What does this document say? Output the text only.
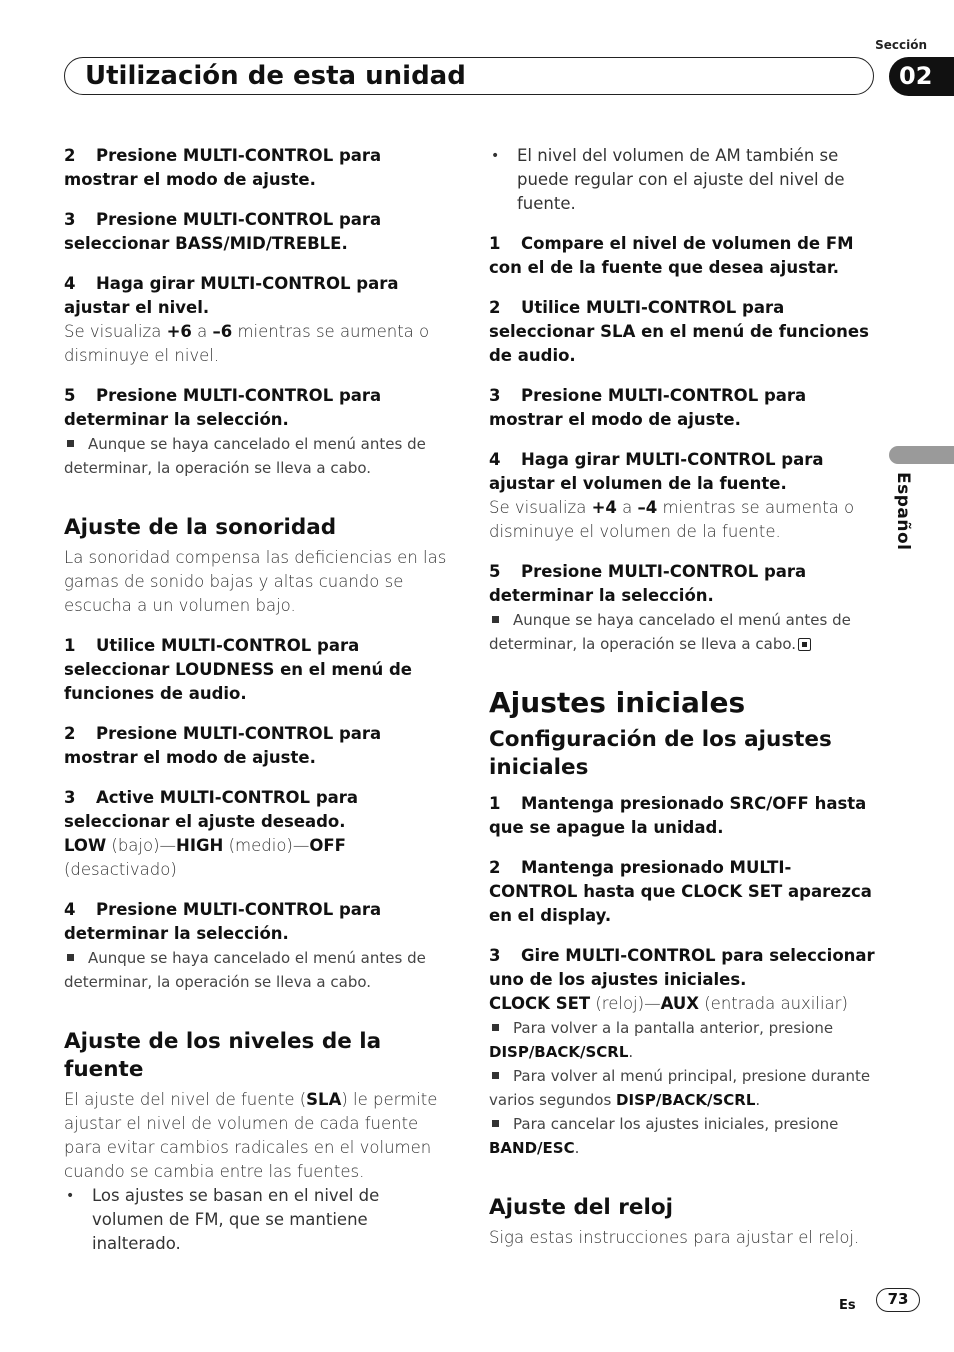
Sección
02
Utilización de esta unidad
Español
2 Presione MULTI-CONTROL para mostrar el modo de ajuste.
3 Presione MULTI-CONTROL para seleccionar BASS/MID/TREBLE.
4 Haga girar MULTI-CONTROL para ajustar el nivel.
Se visualiza +6 a –6 mientras se aumenta o disminuye el nivel.
5 Presione MULTI-CONTROL para determinar la selección.
Aunque se haya cancelado el menú antes de determinar, la operación se lleva a cabo.
Ajuste de la sonoridad
La sonoridad compensa las deficiencias en las gamas de sonido bajas y altas cuando se escucha a un volumen bajo.
1 Utilice MULTI-CONTROL para seleccionar LOUDNESS en el menú de funciones de audio.
2 Presione MULTI-CONTROL para mostrar el modo de ajuste.
3 Active MULTI-CONTROL para seleccionar el ajuste deseado.
LOW (bajo)—HIGH (medio)—OFF (desactivado)
4 Presione MULTI-CONTROL para determinar la selección.
Aunque se haya cancelado el menú antes de determinar, la operación se lleva a cabo.
Ajuste de los niveles de la fuente
El ajuste del nivel de fuente (SLA) le permite ajustar el nivel de volumen de cada fuente para evitar cambios radicales en el volumen cuando se cambia entre las fuentes.
•	Los ajustes se basan en el nivel de volumen de FM, que se mantiene inalterado.
•	El nivel del volumen de AM también se puede regular con el ajuste del nivel de fuente.
1 Compare el nivel de volumen de FM con el de la fuente que desea ajustar.
2 Utilice MULTI-CONTROL para seleccionar SLA en el menú de funciones de audio.
3 Presione MULTI-CONTROL para mostrar el modo de ajuste.
4 Haga girar MULTI-CONTROL para ajustar el volumen de la fuente.
Se visualiza +4 a –4 mientras se aumenta o disminuye el volumen de la fuente.
5 Presione MULTI-CONTROL para determinar la selección.
Aunque se haya cancelado el menú antes de determinar, la operación se lleva a cabo.
Ajustes iniciales
Configuración de los ajustes iniciales
1 Mantenga presionado SRC/OFF hasta que se apague la unidad.
2 Mantenga presionado MULTI-CONTROL hasta que CLOCK SET aparezca en el display.
3 Gire MULTI-CONTROL para seleccionar uno de los ajustes iniciales.
CLOCK SET (reloj)—AUX (entrada auxiliar)
Para volver a la pantalla anterior, presione DISP/BACK/SCRL.
Para volver al menú principal, presione durante varios segundos DISP/BACK/SCRL.
Para cancelar los ajustes iniciales, presione BAND/ESC.
Ajuste del reloj
Siga estas instrucciones para ajustar el reloj.
Es	73
